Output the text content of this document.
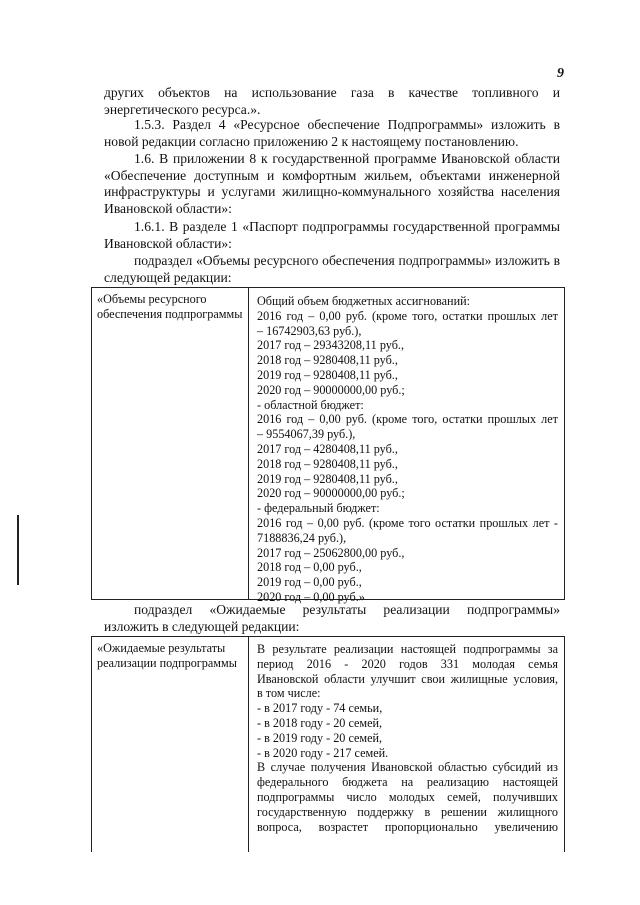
9

других объектов на использование газа в качестве топливного и энергетического ресурса.».

1.5.3. Раздел 4 «Ресурсное обеспечение Подпрограммы» изложить в новой редакции согласно приложению 2 к настоящему постановлению.

1.6. В приложении 8 к государственной программе Ивановской области «Обеспечение доступным и комфортным жильем, объектами инженерной инфраструктуры и услугами жилищно-коммунального хозяйства населения Ивановской области»:

1.6.1. В разделе 1 «Паспорт подпрограммы государственной программы Ивановской области»:

подраздел «Объемы ресурсного обеспечения подпрограммы» изложить в следующей редакции:

«Объемы ресурсного обеспечения подпрограммы
Общий объем бюджетных ассигнований:
2016 год – 0,00 руб. (кроме того, остатки прошлых лет
– 16742903,63 руб.),
2017 год – 29343208,11 руб.,
2018 год – 9280408,11 руб.,
2019 год – 9280408,11 руб.,
2020 год – 90000000,00 руб.;
- областной бюджет:
2016 год – 0,00 руб. (кроме того, остатки прошлых лет
– 9554067,39 руб.),
2017 год – 4280408,11 руб.,
2018 год – 9280408,11 руб.,
2019 год – 9280408,11 руб.,
2020 год – 90000000,00 руб.;
- федеральный бюджет:
2016 год – 0,00 руб. (кроме того остатки прошлых лет -
7188836,24 руб.),
2017 год – 25062800,00 руб.,
2018 год – 0,00 руб.,
2019 год – 0,00 руб.,
2020 год – 0,00 руб.»

подраздел «Ожидаемые результаты реализации подпрограммы» изложить в следующей редакции:

«Ожидаемые результаты реализации подпрограммы
В результате реализации настоящей подпрограммы за
период 2016 - 2020 годов 331 молодая семья
Ивановской области улучшит свои жилищные условия,
в том числе:
- в 2017 году - 74 семьи,
- в 2018 году - 20 семей,
- в 2019 году - 20 семей,
- в 2020 году - 217 семей.
В случае получения Ивановской областью субсидий из
федерального бюджета на реализацию настоящей
подпрограммы число молодых семей, получивших
государственную поддержку в решении жилищного
вопроса, возрастет пропорционально увеличению
